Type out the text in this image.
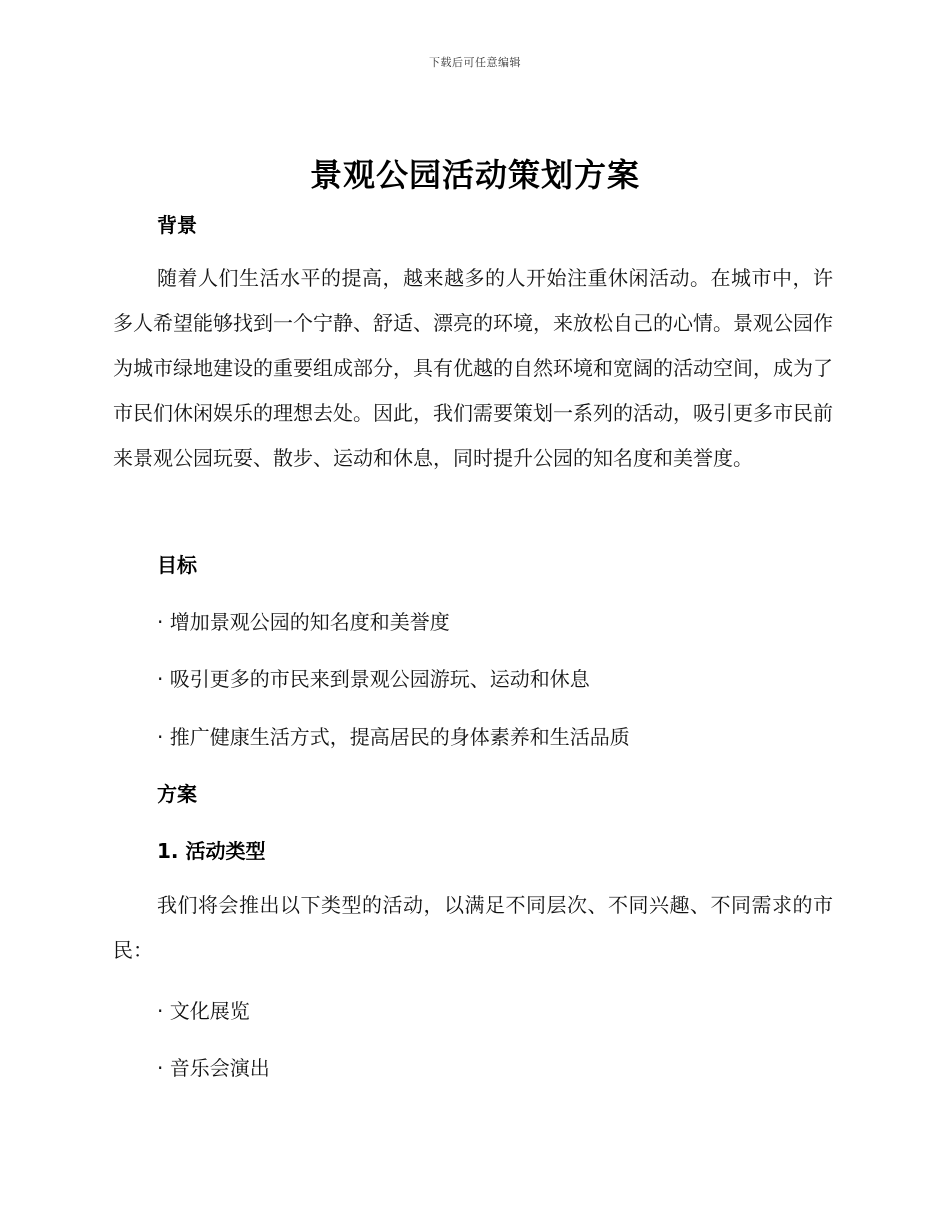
下载后可任意编辑
景观公园活动策划方案
背景
随着人们生活水平的提高，越来越多的人开始注重休闲活动。在城市中，许多人希望能够找到一个宁静、舒适、漂亮的环境，来放松自己的心情。景观公园作为城市绿地建设的重要组成部分，具有优越的自然环境和宽阔的活动空间，成为了市民们休闲娱乐的理想去处。因此，我们需要策划一系列的活动，吸引更多市民前来景观公园玩耍、散步、运动和休息，同时提升公园的知名度和美誉度。
目标
· 增加景观公园的知名度和美誉度
· 吸引更多的市民来到景观公园游玩、运动和休息
· 推广健康生活方式，提高居民的身体素养和生活品质
方案
1. 活动类型
我们将会推出以下类型的活动，以满足不同层次、不同兴趣、不同需求的市民：
· 文化展览
· 音乐会演出
